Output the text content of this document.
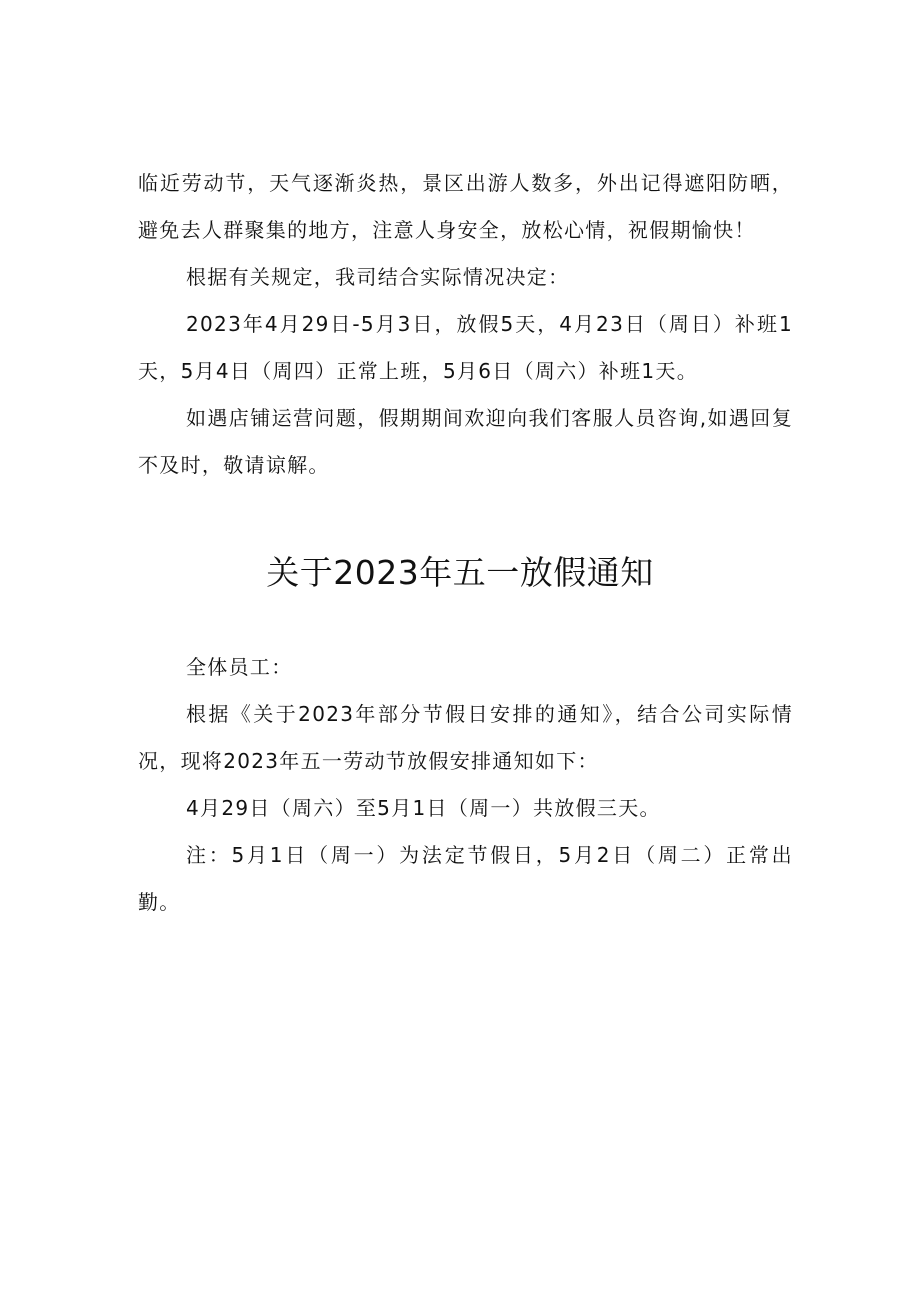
临近劳动节，天气逐渐炎热，景区出游人数多，外出记得遮阳防晒，避免去人群聚集的地方，注意人身安全，放松心情，祝假期愉快！

根据有关规定，我司结合实际情况决定：

2023年4月29日-5月3日，放假5天，4月23日（周日）补班1天，5月4日（周四）正常上班，5月6日（周六）补班1天。

如遇店铺运营问题，假期期间欢迎向我们客服人员咨询,如遇回复不及时，敬请谅解。

关于2023年五一放假通知

全体员工：

根据《关于2023年部分节假日安排的通知》，结合公司实际情况，现将2023年五一劳动节放假安排通知如下：

4月29日（周六）至5月1日（周一）共放假三天。

注：5月1日（周一）为法定节假日，5月2日（周二）正常出勤。
